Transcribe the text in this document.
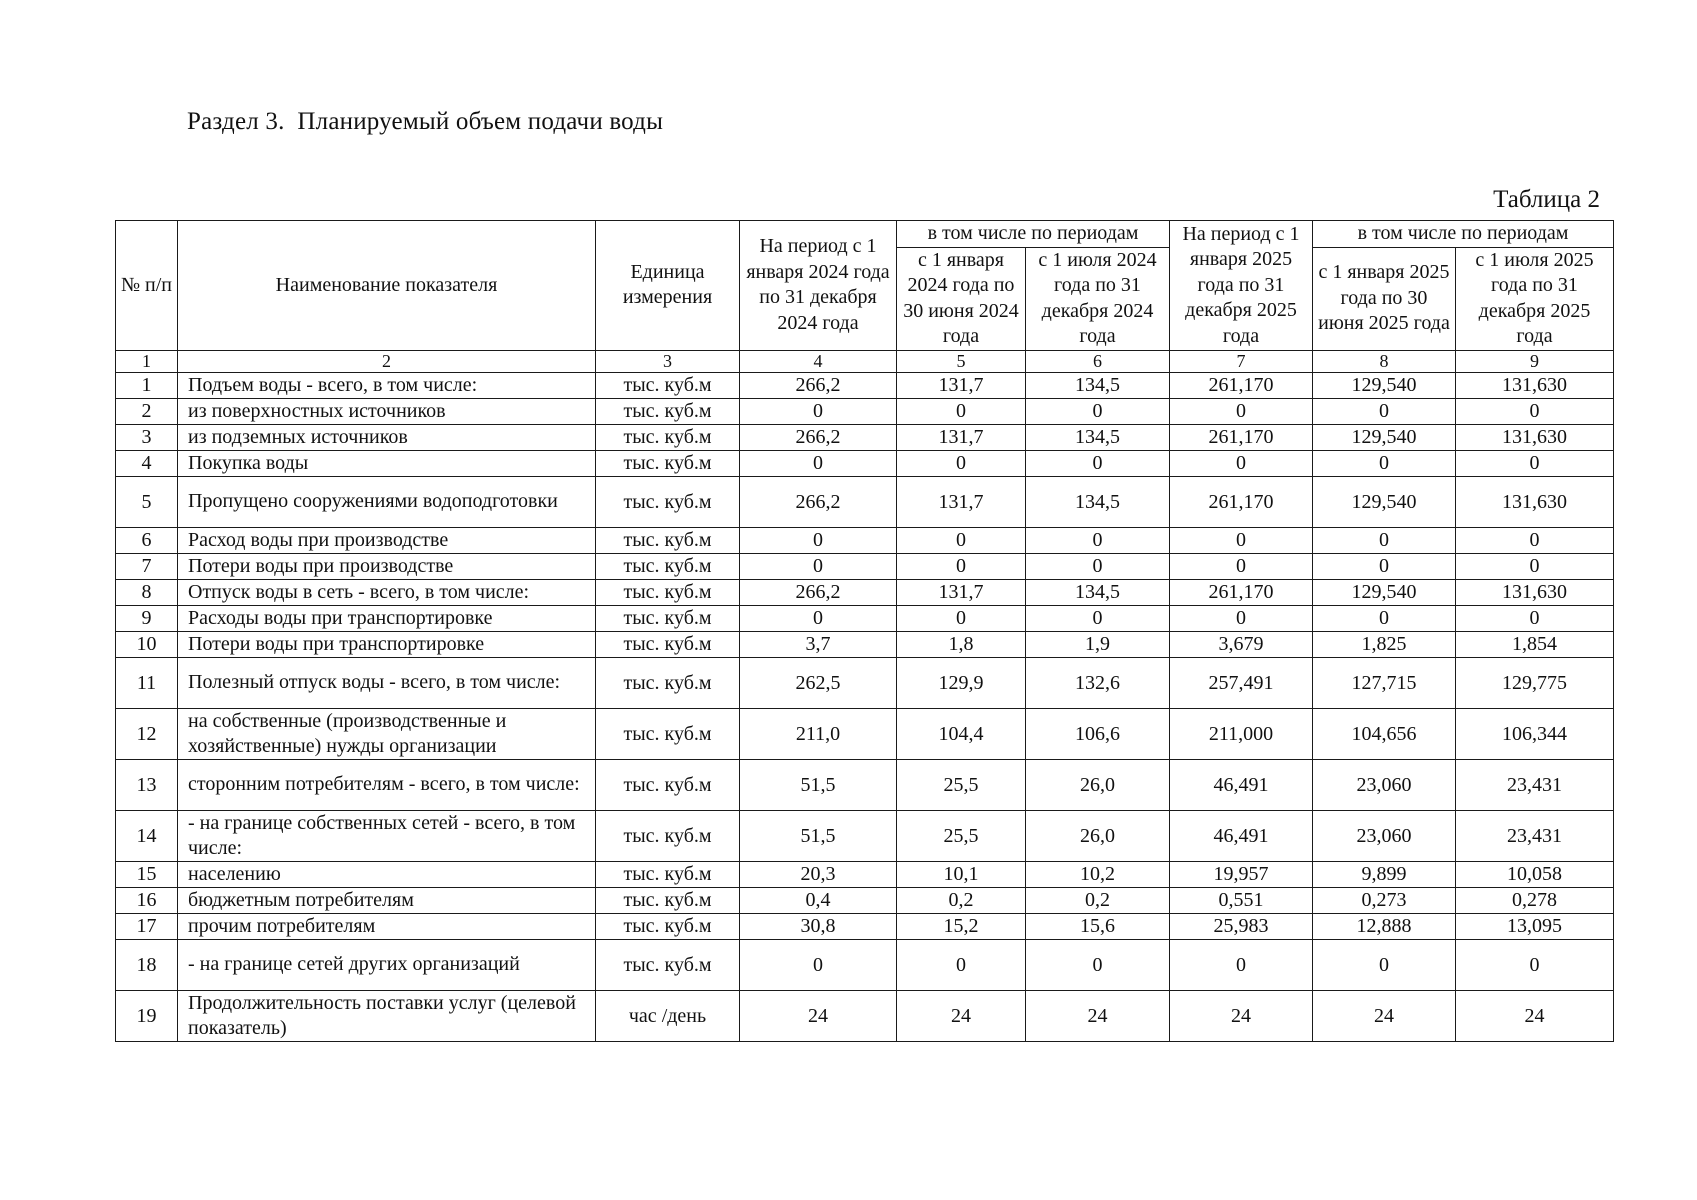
Раздел 3.  Планируемый объем подачи воды
Таблица 2
№ п/п	Наименование показателя	Единица измерения	На период с 1 января 2024 года по 31 декабря 2024 года	в том числе по периодам		На период с 1 января 2025 года по 31 декабря 2025 года	в том числе по периодам	
				с 1 января 2024 года по 30 июня 2024 года	с 1 июля 2024 года по 31 декабря 2024 года		с 1 января 2025 года по 30 июня 2025 года	с 1 июля 2025 года по 31 декабря 2025 года
1	2	3	4	5	6	7	8	9
1	Подъем воды - всего, в том числе:	тыс. куб.м	266,2	131,7	134,5	261,170	129,540	131,630
2	из поверхностных источников	тыс. куб.м	0	0	0	0	0	0
3	из подземных источников	тыс. куб.м	266,2	131,7	134,5	261,170	129,540	131,630
4	Покупка воды	тыс. куб.м	0	0	0	0	0	0
5	Пропущено сооружениями водоподготовки	тыс. куб.м	266,2	131,7	134,5	261,170	129,540	131,630
6	Расход воды при производстве	тыс. куб.м	0	0	0	0	0	0
7	Потери воды при производстве	тыс. куб.м	0	0	0	0	0	0
8	Отпуск воды в сеть - всего, в том числе:	тыс. куб.м	266,2	131,7	134,5	261,170	129,540	131,630
9	Расходы воды при транспортировке	тыс. куб.м	0	0	0	0	0	0
10	Потери воды при транспортировке	тыс. куб.м	3,7	1,8	1,9	3,679	1,825	1,854
11	Полезный отпуск воды - всего, в том числе:	тыс. куб.м	262,5	129,9	132,6	257,491	127,715	129,775
12	на собственные (производственные и хозяйственные) нужды организации	тыс. куб.м	211,0	104,4	106,6	211,000	104,656	106,344
13	сторонним потребителям - всего, в том числе:	тыс. куб.м	51,5	25,5	26,0	46,491	23,060	23,431
14	- на границе собственных сетей - всего, в том числе:	тыс. куб.м	51,5	25,5	26,0	46,491	23,060	23,431
15	населению	тыс. куб.м	20,3	10,1	10,2	19,957	9,899	10,058
16	бюджетным потребителям	тыс. куб.м	0,4	0,2	0,2	0,551	0,273	0,278
17	прочим потребителям	тыс. куб.м	30,8	15,2	15,6	25,983	12,888	13,095
18	- на границе сетей других организаций	тыс. куб.м	0	0	0	0	0	0
19	Продолжительность поставки услуг (целевой показатель)	час /день	24	24	24	24	24	24
